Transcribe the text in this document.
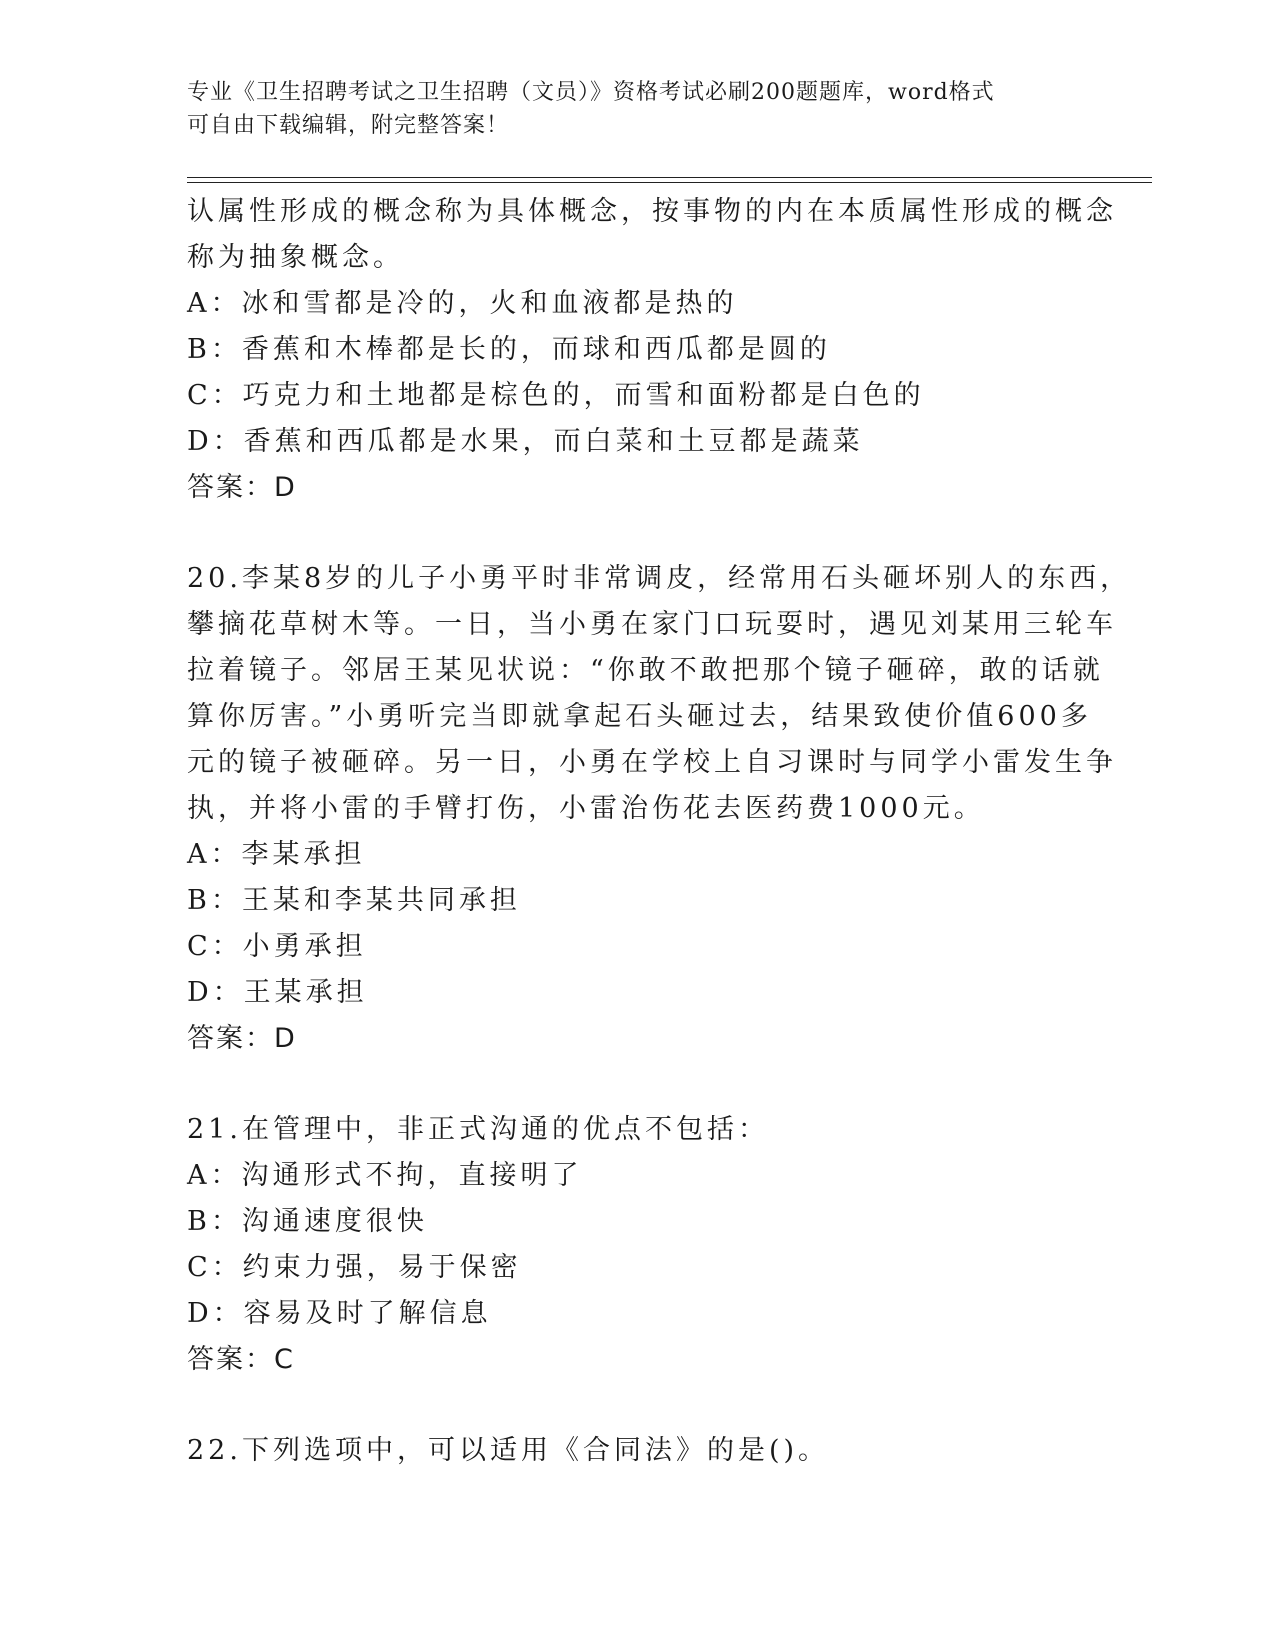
专业《卫生招聘考试之卫生招聘（文员）》资格考试必刷200题题库，word格式
可自由下载编辑，附完整答案！
认属性形成的概念称为具体概念，按事物的内在本质属性形成的概念
称为抽象概念。
A：冰和雪都是冷的，火和血液都是热的
B：香蕉和木棒都是长的，而球和西瓜都是圆的
C：巧克力和土地都是棕色的，而雪和面粉都是白色的
D：香蕉和西瓜都是水果，而白菜和土豆都是蔬菜
答案：D
20.李某8岁的儿子小勇平时非常调皮，经常用石头砸坏别人的东西，
攀摘花草树木等。一日，当小勇在家门口玩耍时，遇见刘某用三轮车
拉着镜子。邻居王某见状说：“你敢不敢把那个镜子砸碎，敢的话就
算你厉害。”小勇听完当即就拿起石头砸过去，结果致使价值600多
元的镜子被砸碎。另一日，小勇在学校上自习课时与同学小雷发生争
执，并将小雷的手臂打伤，小雷治伤花去医药费1000元。
A：李某承担
B：王某和李某共同承担
C：小勇承担
D：王某承担
答案：D
21.在管理中，非正式沟通的优点不包括：
A：沟通形式不拘，直接明了
B：沟通速度很快
C：约束力强，易于保密
D：容易及时了解信息
答案：C
22.下列选项中，可以适用《合同法》的是()。
